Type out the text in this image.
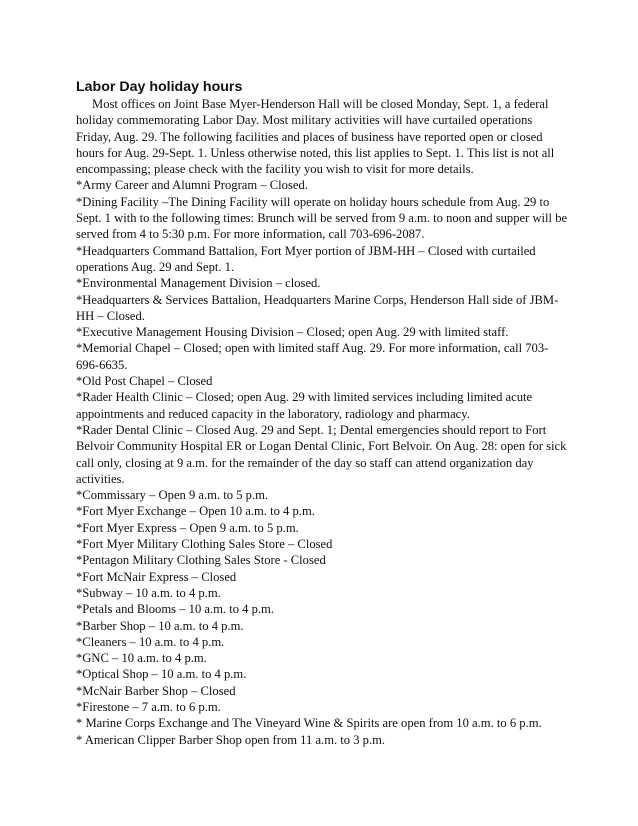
Labor Day holiday hours

Most offices on Joint Base Myer-Henderson Hall will be closed Monday, Sept. 1, a federal holiday commemorating Labor Day. Most military activities will have curtailed operations Friday, Aug. 29. The following facilities and places of business have reported open or closed hours for Aug. 29-Sept. 1. Unless otherwise noted, this list applies to Sept. 1. This list is not all encompassing; please check with the facility you wish to visit for more details.

*Army Career and Alumni Program – Closed.

*Dining Facility –The Dining Facility will operate on holiday hours schedule from Aug. 29 to Sept. 1 with to the following times: Brunch will be served from 9 a.m. to noon and supper will be served from 4 to 5:30 p.m. For more information, call 703-696-2087.

*Headquarters Command Battalion, Fort Myer portion of JBM-HH – Closed with curtailed operations Aug. 29 and Sept. 1.

*Environmental Management Division – closed.

*Headquarters & Services Battalion, Headquarters Marine Corps, Henderson Hall side of JBM-HH – Closed.

*Executive Management Housing Division – Closed; open Aug. 29 with limited staff.

*Memorial Chapel – Closed; open with limited staff Aug. 29. For more information, call 703-696-6635.

*Old Post Chapel – Closed

*Rader Health Clinic – Closed; open Aug. 29 with limited services including limited acute appointments and reduced capacity in the laboratory, radiology and pharmacy.

*Rader Dental Clinic – Closed Aug. 29 and Sept. 1; Dental emergencies should report to Fort Belvoir Community Hospital ER or Logan Dental Clinic, Fort Belvoir. On Aug. 28: open for sick call only, closing at 9 a.m. for the remainder of the day so staff can attend organization day activities.

*Commissary – Open 9 a.m. to 5 p.m.

*Fort Myer Exchange – Open 10 a.m. to 4 p.m.

*Fort Myer Express – Open 9 a.m. to 5 p.m.

*Fort Myer Military Clothing Sales Store – Closed

*Pentagon Military Clothing Sales Store - Closed

*Fort McNair Express – Closed

*Subway – 10 a.m. to 4 p.m.

*Petals and Blooms – 10 a.m. to 4 p.m.

*Barber Shop – 10 a.m. to 4 p.m.

*Cleaners – 10 a.m. to 4 p.m.

*GNC – 10 a.m. to 4 p.m.

*Optical Shop – 10 a.m. to 4 p.m.

*McNair Barber Shop – Closed

*Firestone – 7 a.m. to 6 p.m.

* Marine Corps Exchange and The Vineyard Wine & Spirits are open from 10 a.m. to 6 p.m.

* American Clipper Barber Shop open from 11 a.m. to 3 p.m.
